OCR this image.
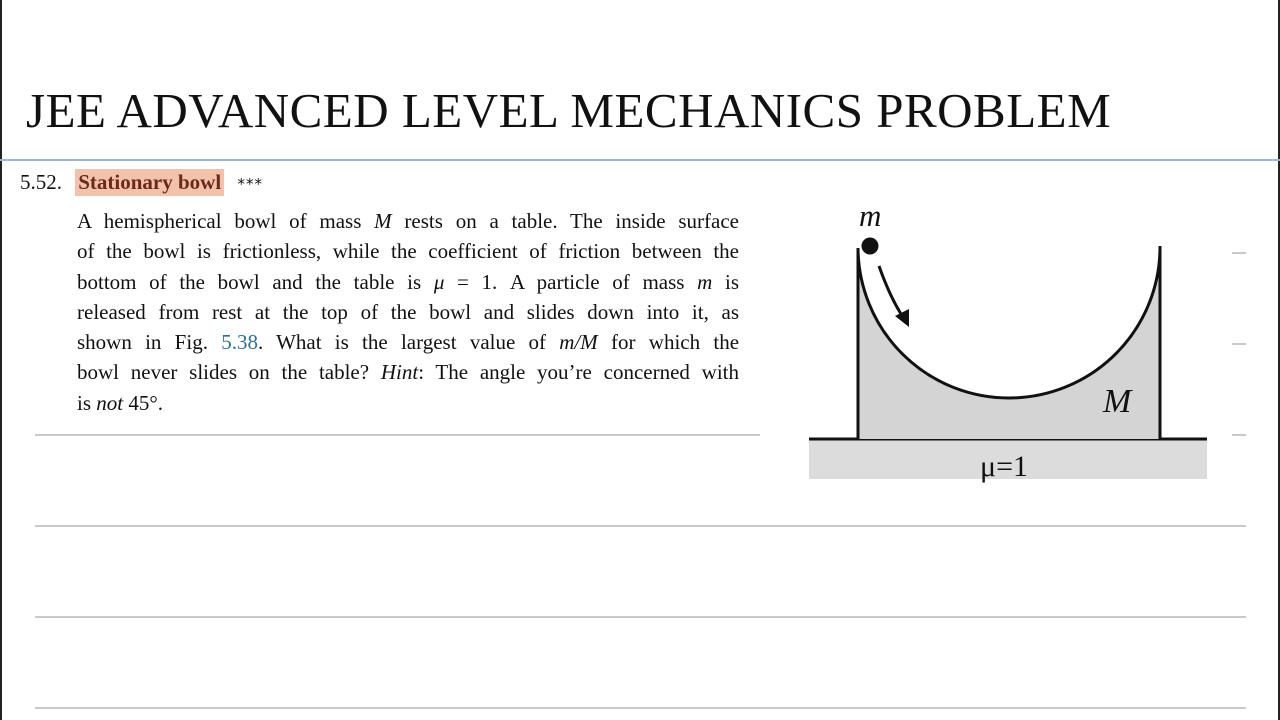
JEE ADVANCED LEVEL MECHANICS PROBLEM
5.52. Stationary bowl ***
A hemispherical bowl of mass M rests on a table. The inside surface
of the bowl is frictionless, while the coefficient of friction between the
bottom of the bowl and the table is μ = 1. A particle of mass m is
released from rest at the top of the bowl and slides down into it, as
shown in Fig. 5.38. What is the largest value of m/M for which the
bowl never slides on the table? Hint: The angle you’re concerned with
is not 45°.
m
M
μ=1
